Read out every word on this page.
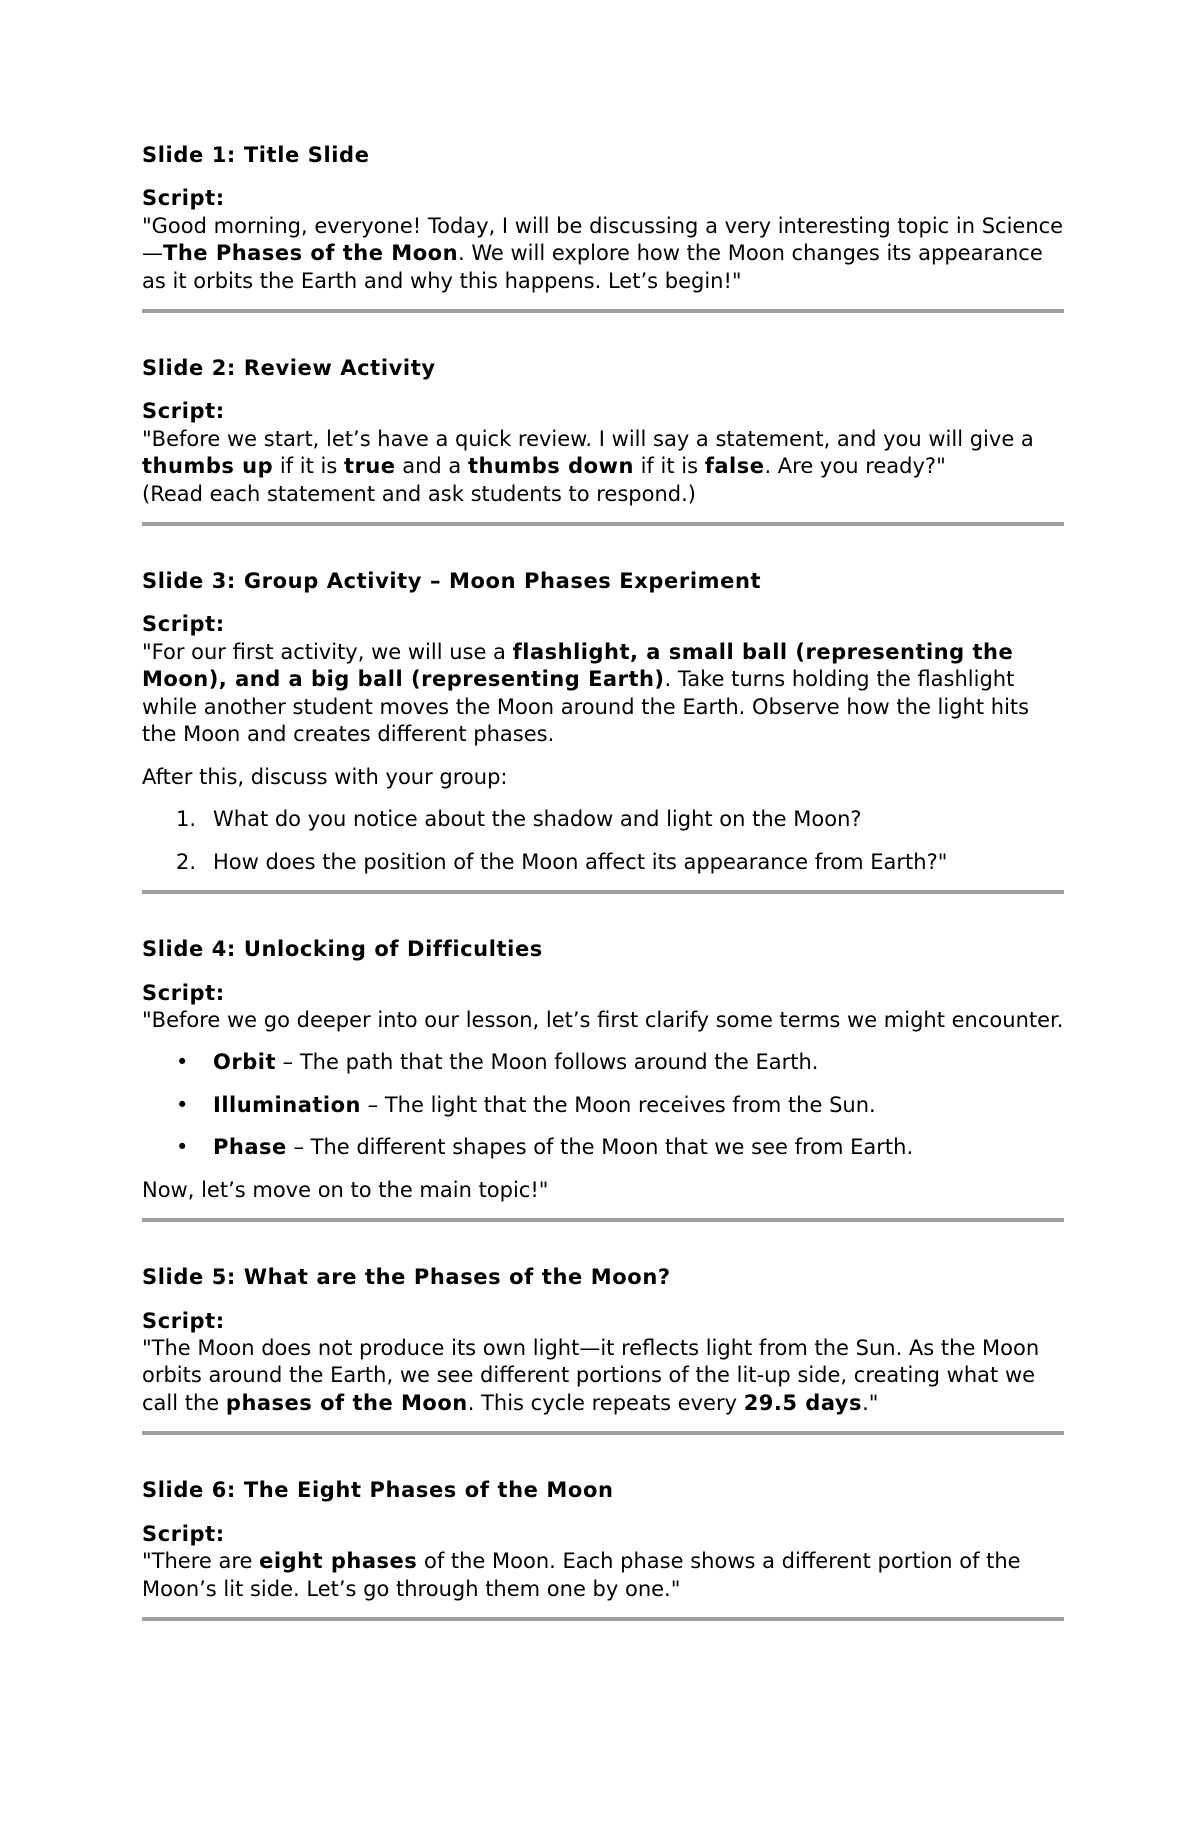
Slide 1: Title Slide
Script:

"Good morning, everyone! Today, I will be discussing a very interesting topic in Science—The Phases of the Moon. We will explore how the Moon changes its appearance as it orbits the Earth and why this happens. Let’s begin!"

Slide 2: Review Activity
Script:

"Before we start, let’s have a quick review. I will say a statement, and you will give a thumbs up if it is true and a thumbs down if it is false. Are you ready?"

(Read each statement and ask students to respond.)

Slide 3: Group Activity – Moon Phases Experiment
Script:

"For our first activity, we will use a flashlight, a small ball (representing the Moon), and a big ball (representing Earth). Take turns holding the flashlight while another student moves the Moon around the Earth. Observe how the light hits the Moon and creates different phases.

After this, discuss with your group:

1. What do you notice about the shadow and light on the Moon?
2. How does the position of the Moon affect its appearance from Earth?"
Slide 4: Unlocking of Difficulties
Script:

"Before we go deeper into our lesson, let’s first clarify some terms we might encounter.

• Orbit – The path that the Moon follows around the Earth.
• Illumination – The light that the Moon receives from the Sun.
• Phase – The different shapes of the Moon that we see from Earth.

Now, let’s move on to the main topic!"

Slide 5: What are the Phases of the Moon?
Script:

"The Moon does not produce its own light—it reflects light from the Sun. As the Moon orbits around the Earth, we see different portions of the lit-up side, creating what we call the phases of the Moon. This cycle repeats every 29.5 days."

Slide 6: The Eight Phases of the Moon
Script:

"There are eight phases of the Moon. Each phase shows a different portion of the Moon’s lit side. Let’s go through them one by one."
